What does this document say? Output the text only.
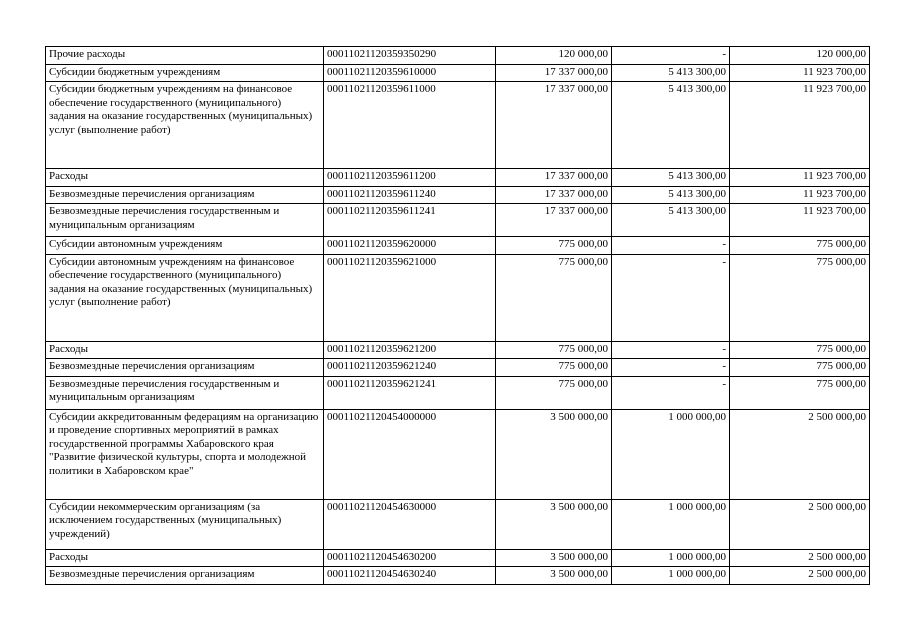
Прочие расходы	00011021120359350290	120 000,00	-	120 000,00
Субсидии бюджетным учреждениям	00011021120359610000	17 337 000,00	5 413 300,00	11 923 700,00
Субсидии бюджетным учреждениям на финансовое обеспечение государственного (муниципального) задания на оказание государственных (муниципальных) услуг (выполнение работ)	00011021120359611000	17 337 000,00	5 413 300,00	11 923 700,00
Расходы	00011021120359611200	17 337 000,00	5 413 300,00	11 923 700,00
Безвозмездные перечисления организациям	00011021120359611240	17 337 000,00	5 413 300,00	11 923 700,00
Безвозмездные перечисления государственным и муниципальным организациям	00011021120359611241	17 337 000,00	5 413 300,00	11 923 700,00
Субсидии автономным учреждениям	00011021120359620000	775 000,00	-	775 000,00
Субсидии автономным учреждениям на финансовое обеспечение государственного (муниципального) задания на оказание государственных (муниципальных) услуг (выполнение работ)	00011021120359621000	775 000,00	-	775 000,00
Расходы	00011021120359621200	775 000,00	-	775 000,00
Безвозмездные перечисления организациям	00011021120359621240	775 000,00	-	775 000,00
Безвозмездные перечисления государственным и муниципальным организациям	00011021120359621241	775 000,00	-	775 000,00
Субсидии аккредитованным федерациям на организацию и проведение спортивных мероприятий в рамках государственной программы Хабаровского края "Развитие физической культуры, спорта и молодежной политики в Хабаровском крае"	00011021120454000000	3 500 000,00	1 000 000,00	2 500 000,00
Субсидии некоммерческим организациям (за исключением государственных (муниципальных) учреждений)	00011021120454630000	3 500 000,00	1 000 000,00	2 500 000,00
Расходы	00011021120454630200	3 500 000,00	1 000 000,00	2 500 000,00
Безвозмездные перечисления организациям	00011021120454630240	3 500 000,00	1 000 000,00	2 500 000,00
